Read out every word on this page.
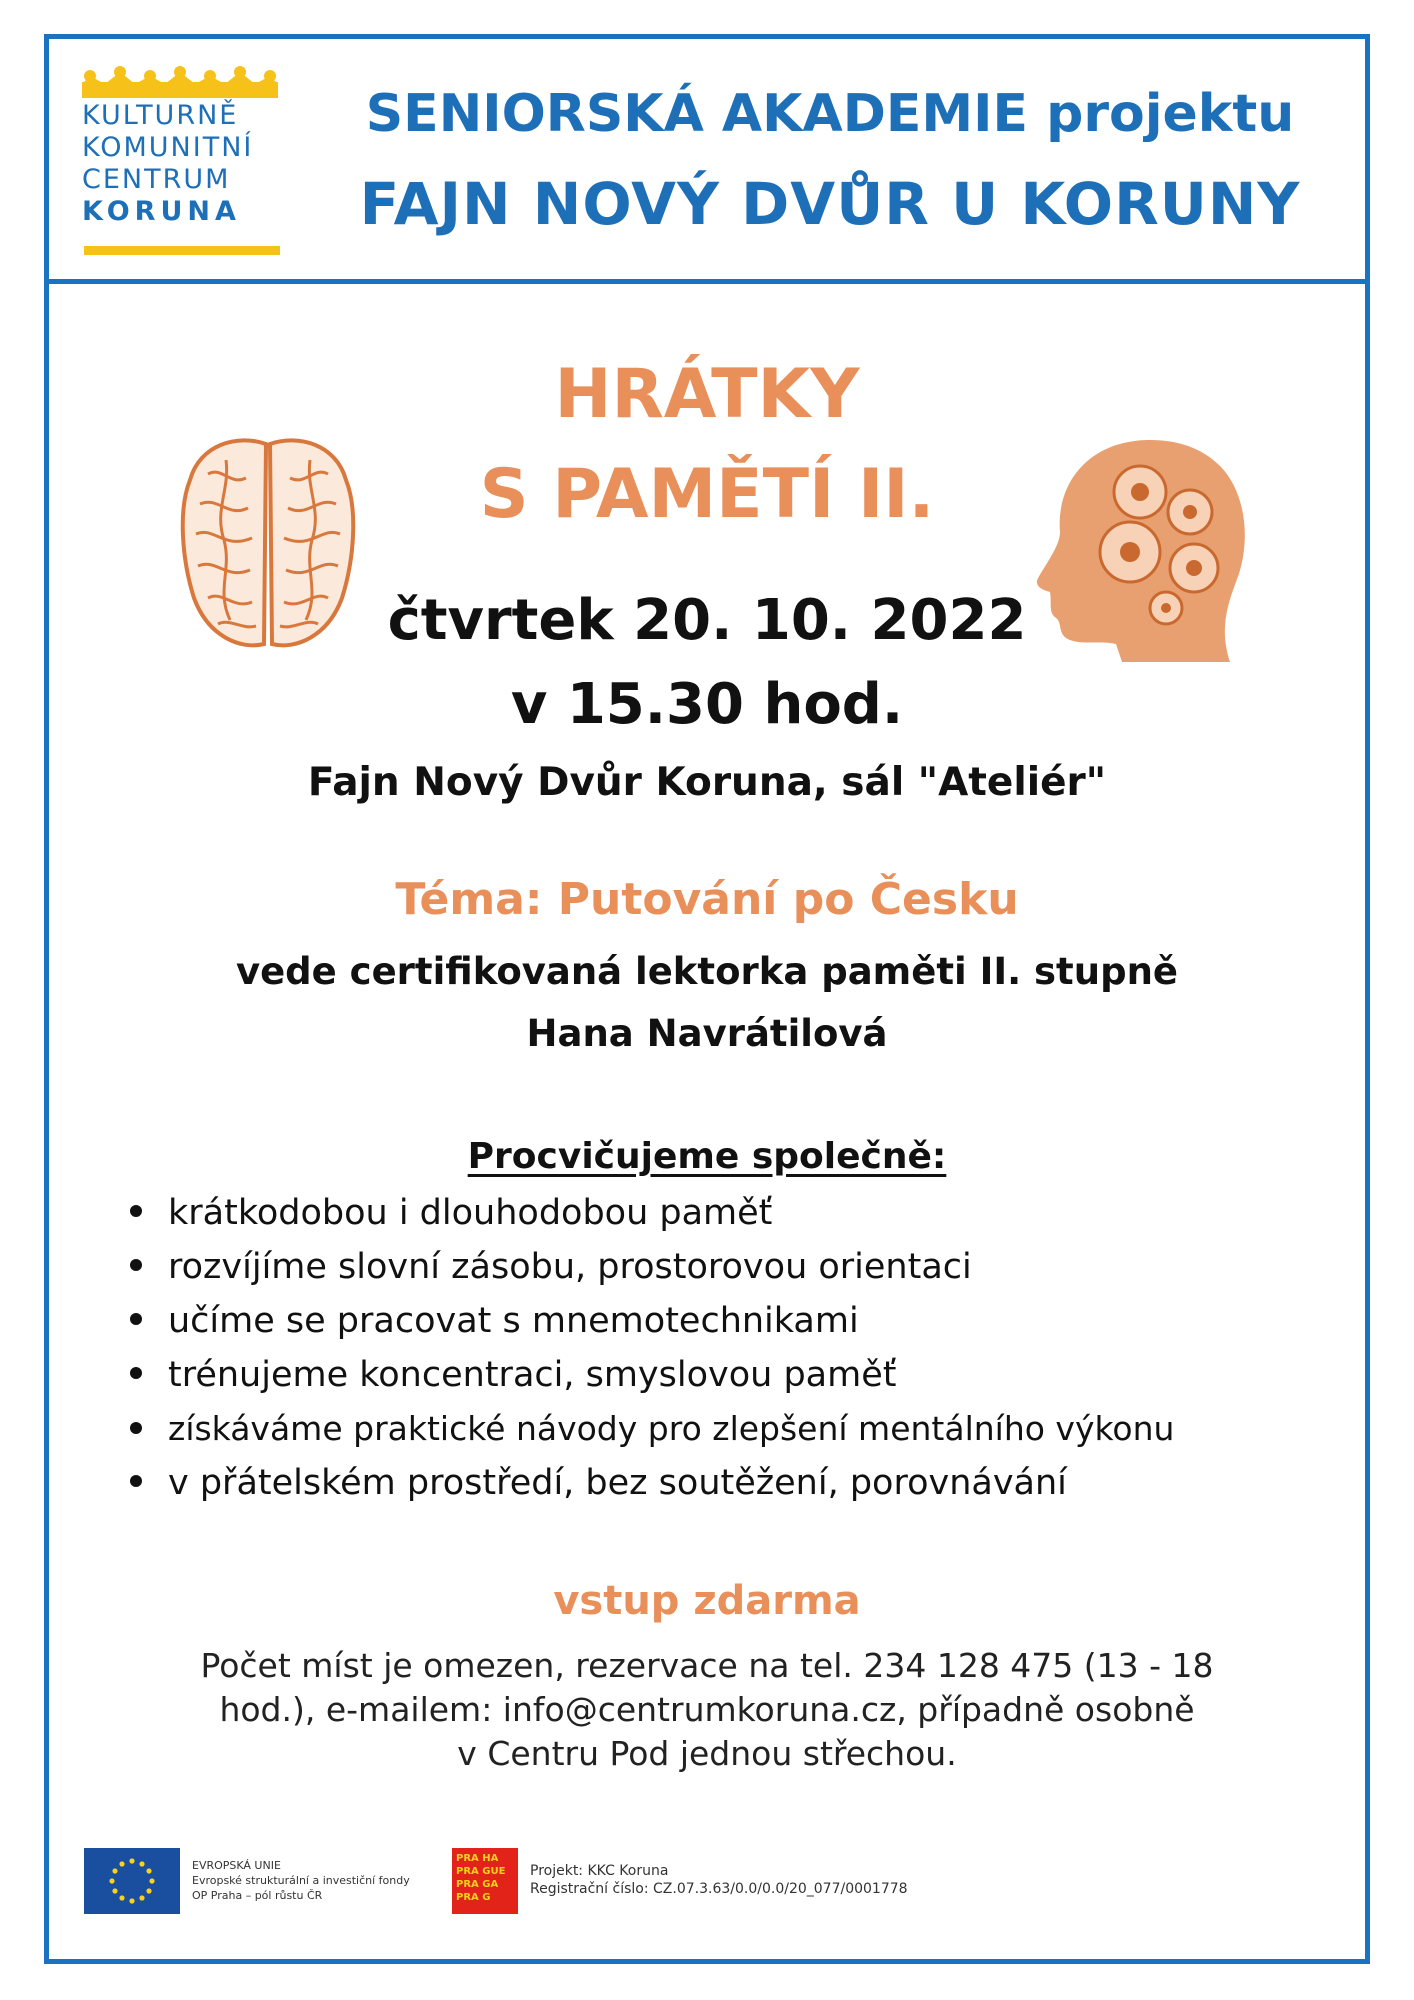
KULTURNĚ
KOMUNITNÍ
CENTRUM
KORUNA
SENIORSKÁ AKADEMIE projektu
FAJN NOVÝ DVŮR U KORUNY
HRÁTKY
S PAMĚTÍ II.
čtvrtek 20. 10. 2022
v 15.30 hod.
Fajn Nový Dvůr Koruna, sál "Ateliér"
Téma: Putování po Česku
vede certifikovaná lektorka paměti II. stupně
Hana Navrátilová
Procvičujeme společně:
krátkodobou i dlouhodobou paměť
rozvíjíme slovní zásobu, prostorovou orientaci
učíme se pracovat s mnemotechnikami
trénujeme koncentraci, smyslovou paměť
získáváme praktické návody pro zlepšení mentálního výkonu
v přátelském prostředí, bez soutěžení, porovnávání
vstup zdarma
Počet míst je omezen, rezervace na tel. 234 128 475 (13 - 18
hod.), e-mailem: info@centrumkoruna.cz, případně osobně
v Centru Pod jednou střechou.
EVROPSKÁ UNIE
Evropské strukturální a investiční fondy
OP Praha – pól růstu ČR
PRA HA
PRA GUE
PRA GA
PRA G
Projekt: KKC Koruna
Registrační číslo: CZ.07.3.63/0.0/0.0/20_077/0001778
